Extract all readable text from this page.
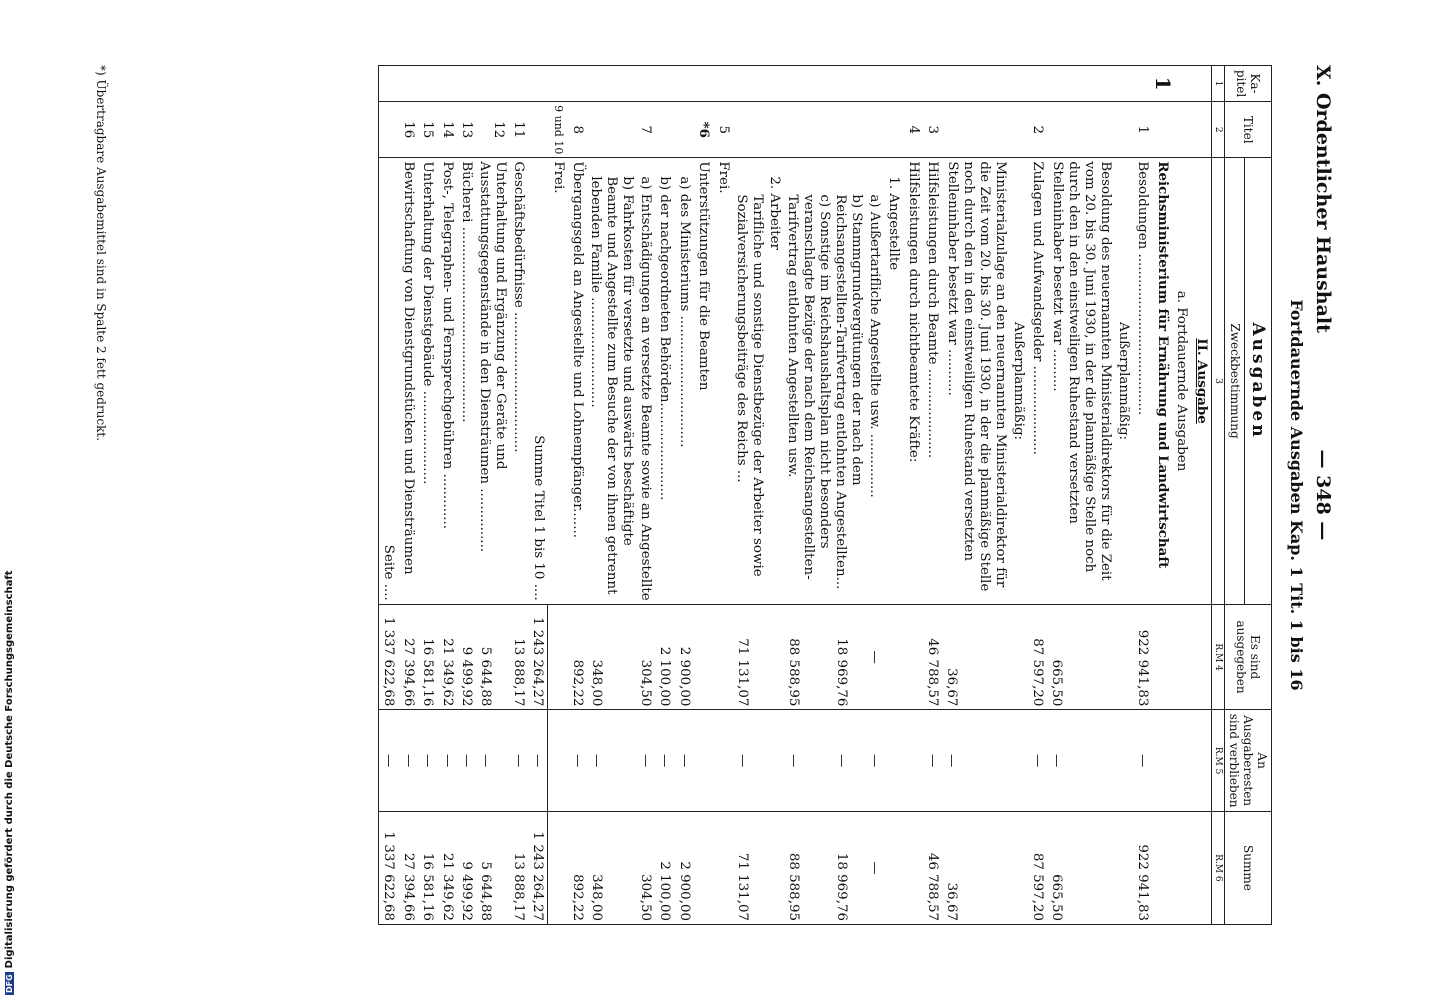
X. Ordentlicher Haushalt
— 348 —
Fortdauernde Ausgaben Kap. 1 Tit. 1 bis 16
Ka- pitel	Titel	Ausgaben	Es sind ausgegeben	An Ausgaberesten sind verblieben	Summe
		Zweckbestimmung			
1	2	3	R.M 4	R.M 5	R.M 6
		II. Ausgabe			
		a. Fortdauernde Ausgaben			
1		Reichsministerium für Ernährung und Landwirtschaft			
	1	Besoldungen ......................................	922 941,83	—	922 941,83
		Außerplanmäßig:			
		Besoldung des neuernannten Ministerialdirektors für die Zeit vom 20. bis 30. Juni 1930, in der die planmäßige Stelle noch durch den in den einstweiligen Ruhestand versetzten Stelleninhaber besetzt war ..........	665,50	—	665,50
	2	Zulagen und Aufwandsgelder .....................	87 597,20	—	87 597,20
		Außerplanmäßig:			
		Ministerialzulage an den neuernannten Ministerialdirektor für die Zeit vom 20. bis 30. Juni 1930, in der die planmäßige Stelle noch durch den in den einstweiligen Ruhestand versetzten Stelleninhaber besetzt war ...........	36,67	—	36,67
	3	Hilfsleistungen durch Beamte .....................	46 788,57	—	46 788,57
	4	Hilfsleistungen durch nichtbeamtete Kräfte:			
		1. Angestellte			
		a) Außertarifliche Angestellte usw. ...............	—	—	—
		b) Stammgrundvergütungen der nach dem Reichsangestellten-Tarifvertrag entlohnten Angestellten...	18 969,76	—	18 969,76
		c) Sonstige im Reichshaushaltsplan nicht besonders veranschlagte Bezüge der nach dem Reichsangestellten-Tarifvertrag entlohnten Angestellten usw.	88 588,95	—	88 588,95
		2. Arbeiter			
		Tarifliche und sonstige Dienstbezüge der Arbeiter sowie Sozialversicherungsbeiträge des Reichs ...	71 131,07	—	71 131,07
	5	Frei.			
	*6	Unterstützungen für die Beamten			
		a) des Ministeriums ...............................	2 900,00	—	2 900,00
		b) der nachgeordneten Behörden.......................	2 100,00	—	2 100,00
	7	a) Entschädigungen an versetzte Beamte sowie an Angestellte	304,50	—	304,50
		b) Fahrkosten für versetzte und auswärts beschäftigte Beamte und Angestellte zum Besuche der von ihnen getrennt lebenden Familie ..........................	348,00	—	348,00
	8	Übergangsgeld an Angestellte und Lohnempfänger.......	892,22	—	892,22
	9 und 10	Frei.			
		Summe Titel 1 bis 10 ....	1 243 264,27	—	1 243 264,27
	11	Geschäftsbedürfnisse .................................	13 888,17	—	13 888,17
	12	Unterhaltung und Ergänzung der Geräte und Ausstattungsgegenstände in den Diensträumen ...............	5 644,88	—	5 644,88
	13	Bücherei ..............................................	9 499,92	—	9 499,92
	14	Post-, Telegraphen- und Fernsprechgebühren .............	21 349,62	—	21 349,62
	15	Unterhaltung der Dienstgebäude ......................	16 581,16	—	16 581,16
	16	Bewirtschaftung von Dienstgrundstücken und Diensträumen	27 394,66	—	27 394,66
		Seite ....	1 337 622,68	—	1 337 622,68
*) Übertragbare Ausgabemittel sind in Spalte 2 fett gedruckt.
DFGDigitalisierung gefördert durch die Deutsche Forschungsgemeinschaft
